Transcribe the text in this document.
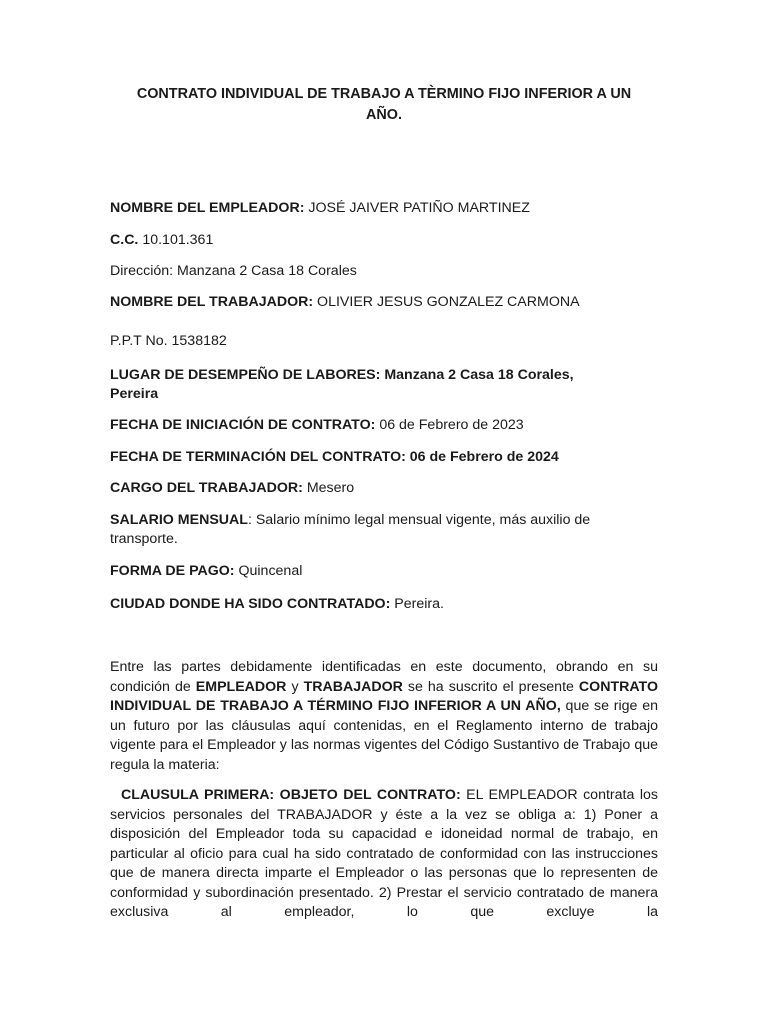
CONTRATO INDIVIDUAL DE TRABAJO A TÈRMINO FIJO INFERIOR A UN
AÑO.
NOMBRE DEL EMPLEADOR: JOSÉ JAIVER PATIÑO MARTINEZ
C.C. 10.101.361
Dirección: Manzana 2 Casa 18 Corales
NOMBRE DEL TRABAJADOR: OLIVIER JESUS GONZALEZ CARMONA
P.P.T No. 1538182
LUGAR DE DESEMPEÑO DE LABORES: Manzana 2 Casa 18 Corales,
Pereira
FECHA DE INICIACIÓN DE CONTRATO: 06 de Febrero de 2023
FECHA DE TERMINACIÓN DEL CONTRATO: 06 de Febrero de 2024
CARGO DEL TRABAJADOR: Mesero
SALARIO MENSUAL: Salario mínimo legal mensual vigente, más auxilio de
transporte.
FORMA DE PAGO: Quincenal
CIUDAD DONDE HA SIDO CONTRATADO: Pereira.
Entre las partes debidamente identificadas en este documento, obrando en su condición de EMPLEADOR y TRABAJADOR se ha suscrito el presente CONTRATO INDIVIDUAL DE TRABAJO A TÉRMINO FIJO INFERIOR A UN AÑO, que se rige en un futuro por las cláusulas aquí contenidas, en el Reglamento interno de trabajo vigente para el Empleador y las normas vigentes del Código Sustantivo de Trabajo que regula la materia:
CLAUSULA PRIMERA: OBJETO DEL CONTRATO: EL EMPLEADOR contrata los servicios personales del TRABAJADOR y éste a la vez se obliga a: 1) Poner a disposición del Empleador toda su capacidad e idoneidad normal de trabajo, en particular al oficio para cual ha sido contratado de conformidad con las instrucciones que de manera directa imparte el Empleador o las personas que lo representen de conformidad y subordinación presentado. 2) Prestar el servicio contratado de manera exclusiva al empleador, lo que excluye la
